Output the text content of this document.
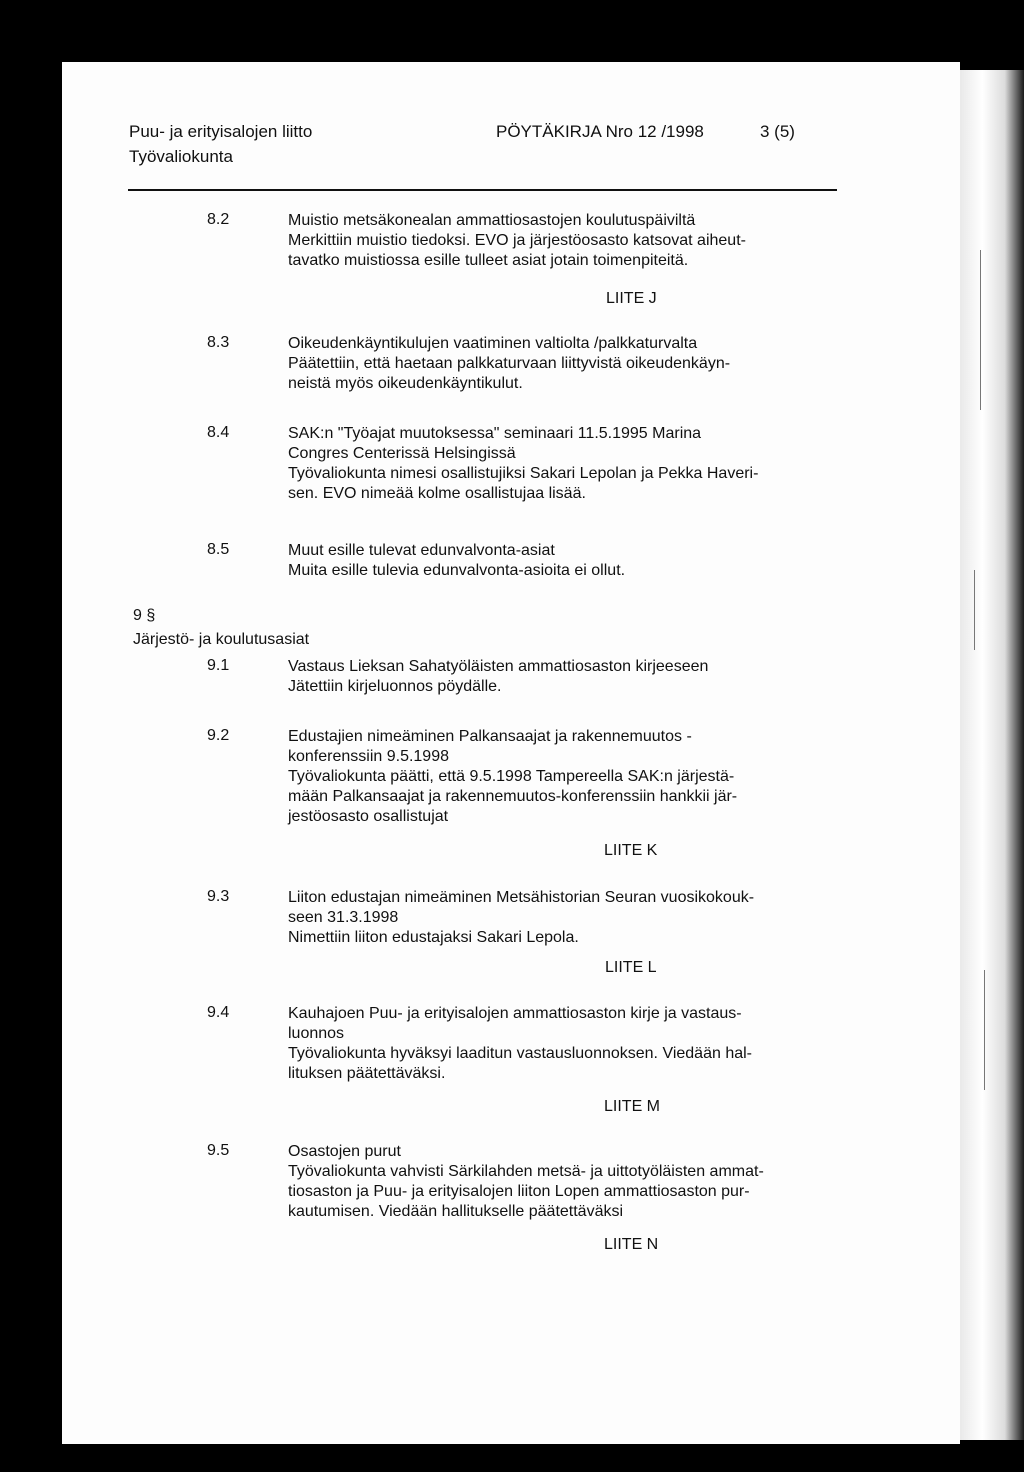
Puu- ja erityisalojen liitto
Työvaliokunta
PÖYTÄKIRJA Nro 12 /1998	3 (5)
8.2	Muistio metsäkonealan ammattiosastojen koulutuspäiviltä
Merkittiin muistio tiedoksi. EVO ja järjestöosasto katsovat aiheut-
tavatko muistiossa esille tulleet asiat jotain toimenpiteitä.
LIITE J
8.3	Oikeudenkäyntikulujen vaatiminen valtiolta /palkkaturvalta
Päätettiin, että haetaan palkkaturvaan liittyvistä oikeudenkäyn-
neistä myös oikeudenkäyntikulut.
8.4	SAK:n "Työajat muutoksessa" seminaari 11.5.1995 Marina
Congres Centerissä Helsingissä
Työvaliokunta nimesi osallistujiksi Sakari Lepolan ja Pekka Haveri-
sen. EVO nimeää kolme osallistujaa lisää.
8.5	Muut esille tulevat edunvalvonta-asiat
Muita esille tulevia edunvalvonta-asioita ei ollut.
9 §
Järjestö- ja koulutusasiat
9.1	Vastaus Lieksan Sahatyöläisten ammattiosaston kirjeeseen
Jätettiin kirjeluonnos pöydälle.
9.2	Edustajien nimeäminen Palkansaajat ja rakennemuutos -
konferenssiin 9.5.1998
Työvaliokunta päätti, että 9.5.1998 Tampereella SAK:n järjestä-
mään Palkansaajat ja rakennemuutos-konferenssiin hankkii jär-
jestöosasto osallistujat
LIITE K
9.3	Liiton edustajan nimeäminen Metsähistorian Seuran vuosikokouk-
seen 31.3.1998
Nimettiin liiton edustajaksi Sakari Lepola.
LIITE L
9.4	Kauhajoen Puu- ja erityisalojen ammattiosaston kirje ja vastaus-
luonnos
Työvaliokunta hyväksyi laaditun vastausluonnoksen. Viedään hal-
lituksen päätettäväksi.
LIITE M
9.5	Osastojen purut
Työvaliokunta vahvisti Särkilahden metsä- ja uittotyöläisten ammat-
tiosaston ja Puu- ja erityisalojen liiton Lopen ammattiosaston pur-
kautumisen. Viedään hallitukselle päätettäväksi
LIITE N
